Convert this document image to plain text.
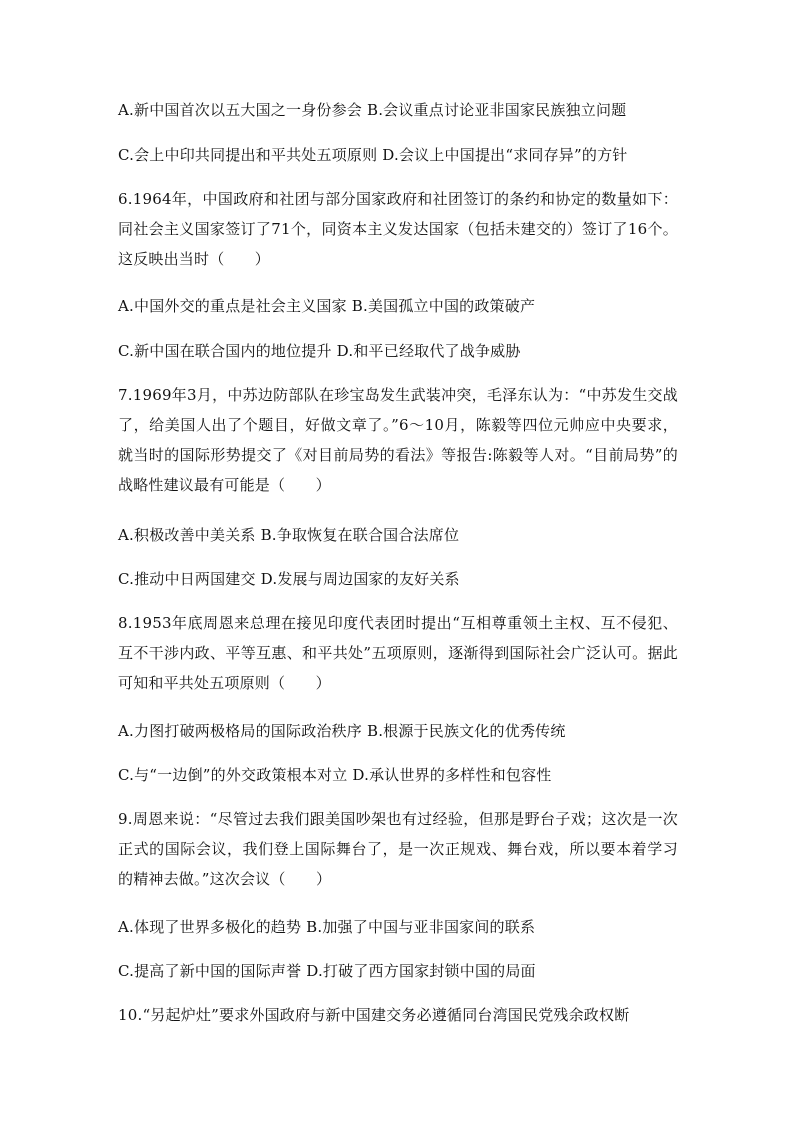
A.新中国首次以五大国之一身份参会 B.会议重点讨论亚非国家民族独立问题
C.会上中印共同提出和平共处五项原则 D.会议上中国提出“求同存异”的方针
6.1964年，中国政府和社团与部分国家政府和社团签订的条约和协定的数量如下：同社会主义国家签订了71个，同资本主义发达国家（包括未建交的）签订了16个。这反映出当时（　　）
A.中国外交的重点是社会主义国家 B.美国孤立中国的政策破产
C.新中国在联合国内的地位提升 D.和平已经取代了战争威胁
7.1969年3月，中苏边防部队在珍宝岛发生武装冲突，毛泽东认为：“中苏发生交战了，给美国人出了个题目，好做文章了。”6～10月，陈毅等四位元帅应中央要求，就当时的国际形势提交了《对目前局势的看法》等报告:陈毅等人对。“目前局势”的战略性建议最有可能是（　　）
A.积极改善中美关系 B.争取恢复在联合国合法席位
C.推动中日两国建交 D.发展与周边国家的友好关系
8.1953年底周恩来总理在接见印度代表团时提出“互相尊重领土主权、互不侵犯、互不干涉内政、平等互惠、和平共处”五项原则，逐渐得到国际社会广泛认可。据此可知和平共处五项原则（　　）
A.力图打破两极格局的国际政治秩序 B.根源于民族文化的优秀传统
C.与“一边倒”的外交政策根本对立 D.承认世界的多样性和包容性
9.周恩来说：“尽管过去我们跟美国吵架也有过经验，但那是野台子戏；这次是一次正式的国际会议，我们登上国际舞台了，是一次正规戏、舞台戏，所以要本着学习的精神去做。”这次会议（　　）
A.体现了世界多极化的趋势 B.加强了中国与亚非国家间的联系
C.提高了新中国的国际声誉 D.打破了西方国家封锁中国的局面
10.“另起炉灶”要求外国政府与新中国建交务必遵循同台湾国民党残余政权断
